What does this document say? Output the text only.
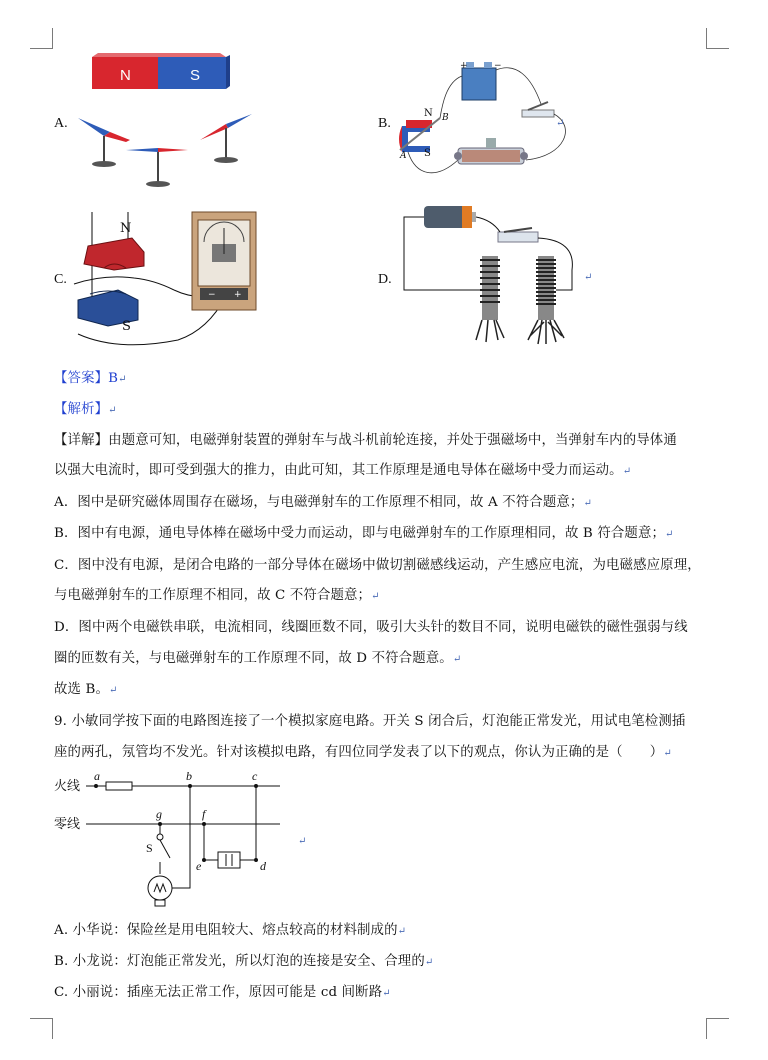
A.
N	S
B.
+	−
N
S
A
B	↵
C.
N
S
− +
D.	↵
【答案】B↵
【解析】↵
【详解】由题意可知，电磁弹射装置的弹射车与战斗机前轮连接，并处于强磁场中，当弹射车内的导体通
以强大电流时，即可受到强大的推力，由此可知，其工作原理是通电导体在磁场中受力而运动。↵
A．图中是研究磁体周围存在磁场，与电磁弹射车的工作原理不相同，故 A 不符合题意；↵
B．图中有电源，通电导体棒在磁场中受力而运动，即与电磁弹射车的工作原理相同，故 B 符合题意；↵
C．图中没有电源，是闭合电路的一部分导体在磁场中做切割磁感线运动，产生感应电流，为电磁感应原理，
与电磁弹射车的工作原理不相同，故 C 不符合题意；↵
D．图中两个电磁铁串联，电流相同，线圈匝数不同，吸引大头针的数目不同，说明电磁铁的磁性强弱与线
圈的匝数有关，与电磁弹射车的工作原理不同，故 D 不符合题意。↵
故选 B。↵
9. 小敏同学按下面的电路图连接了一个模拟家庭电路。开关 S 闭合后，灯泡能正常发光，用试电笔检测插
座的两孔，氖管均不发光。针对该模拟电路，有四位同学发表了以下的观点，你认为正确的是（　　）↵
火线
零线
a	b	c
g	f
S
e	d
↵
A. 小华说：保险丝是用电阻较大、熔点较高的材料制成的↵
B. 小龙说：灯泡能正常发光，所以灯泡的连接是安全、合理的↵
C. 小丽说：插座无法正常工作，原因可能是 cd 间断路↵
